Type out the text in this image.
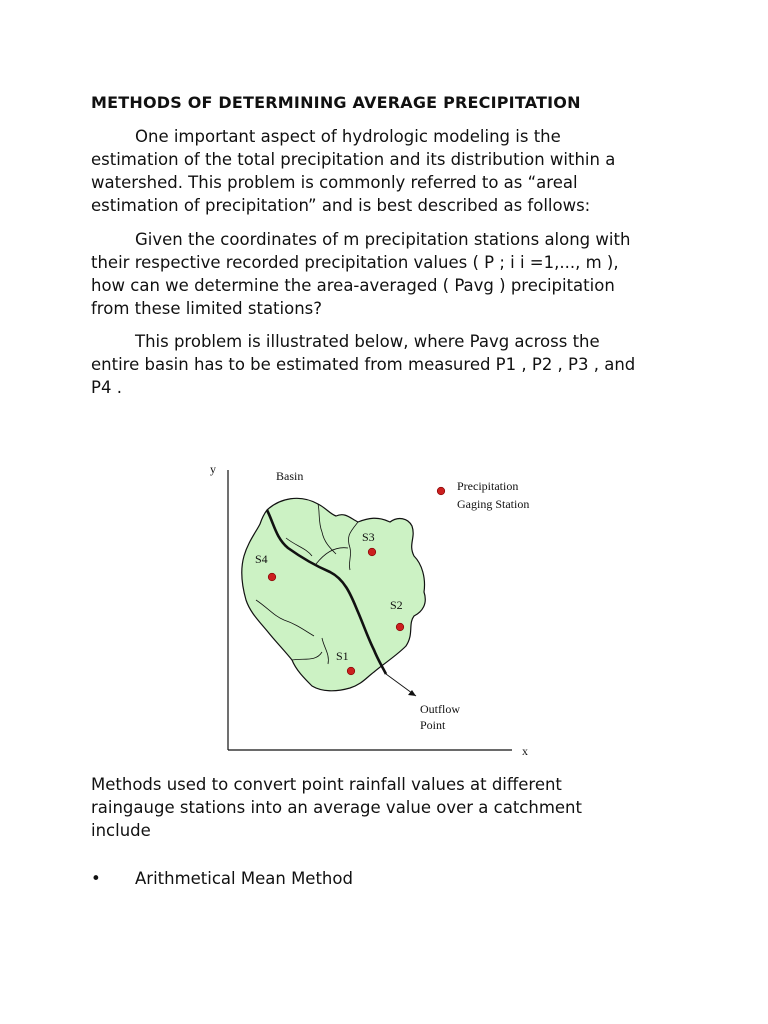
METHODS OF DETERMINING AVERAGE PRECIPITATION
One important aspect of hydrologic modeling is the
estimation of the total precipitation and its distribution within a
watershed. This problem is commonly referred to as “areal
estimation of precipitation” and is best described as follows:
Given the coordinates of m precipitation stations along with
their respective recorded precipitation values ( P ; i i =1,..., m ),
how can we determine the area-averaged ( Pavg ) precipitation
from these limited stations?
This problem is illustrated below, where Pavg across the
entire basin has to be estimated from measured P1 , P2 , P3 , and
P4 .
y
x
S1
S2
S3
S4
Basin
Precipitation
Gaging Station
Outflow
Point
Methods used to convert point rainfall values at different
raingauge stations into an average value over a catchment
include
• Arithmetical Mean Method
